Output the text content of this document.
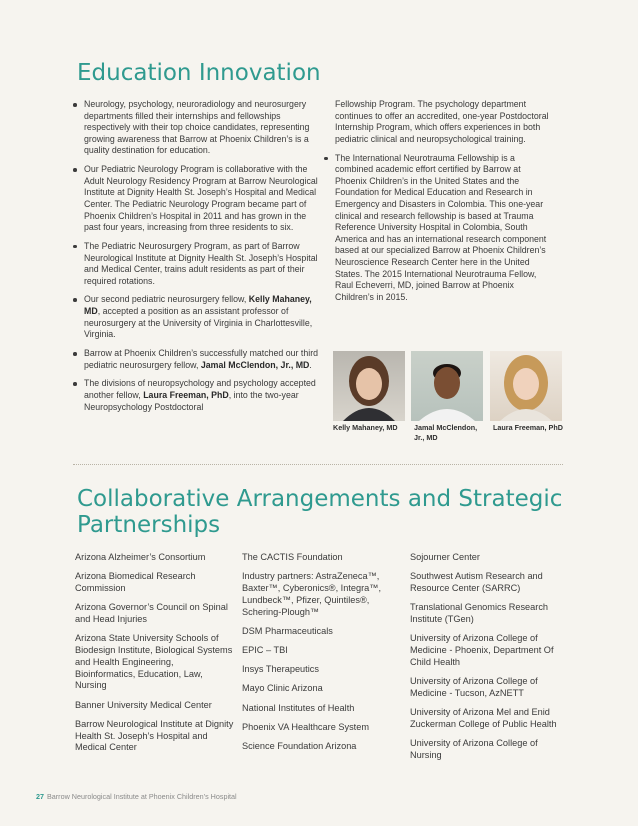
Education Innovation
Neurology, psychology, neuroradiology and neurosurgery departments filled their internships and fellowships respectively with their top choice candidates, representing growing awareness that Barrow at Phoenix Children’s is a quality destination for education.
Our Pediatric Neurology Program is collaborative with the Adult Neurology Residency Program at Barrow Neurological Institute at Dignity Health St. Joseph’s Hospital and Medical Center. The Pediatric Neurology Program became part of Phoenix Children’s Hospital in 2011 and has grown in the past four years, increasing from three residents to six.
The Pediatric Neurosurgery Program, as part of Barrow Neurological Institute at Dignity Health St. Joseph’s Hospital and Medical Center, trains adult residents as part of their required rotations.
Our second pediatric neurosurgery fellow, Kelly Mahaney, MD, accepted a position as an assistant professor of neurosurgery at the University of Virginia in Charlottesville, Virginia.
Barrow at Phoenix Children’s successfully matched our third pediatric neurosurgery fellow, Jamal McClendon, Jr., MD.
The divisions of neuropsychology and psychology accepted another fellow, Laura Freeman, PhD, into the two-year Neuropsychology Postdoctoral
Fellowship Program. The psychology department continues to offer an accredited, one-year Postdoctoral Internship Program, which offers experiences in both pediatric clinical and neuropsychological training.
The International Neurotrauma Fellowship is a combined academic effort certified by Barrow at Phoenix Children’s in the United States and the Foundation for Medical Education and Research in Emergency and Disasters in Colombia. This one-year clinical and research fellowship is based at Trauma Reference University Hospital in Colombia, South America and has an international research component based at our specialized Barrow at Phoenix Children’s Neuroscience Research Center here in the United States. The 2015 International Neurotrauma Fellow, Raul Echeverri, MD, joined Barrow at Phoenix Children’s in 2015.
Kelly Mahaney, MD	Jamal McClendon, Jr., MD
Laura Freeman, PhD
Collaborative Arrangements and Strategic Partnerships
Arizona Alzheimer’s Consortium
Arizona Biomedical Research Commission
Arizona Governor’s Council on Spinal and Head Injuries
Arizona State University Schools of Biodesign Institute, Biological Systems and Health Engineering, Bioinformatics, Education, Law, Nursing
Banner University Medical Center
Barrow Neurological Institute at Dignity Health St. Joseph’s Hospital and Medical Center
The CACTIS Foundation
Industry partners: AstraZeneca™, Baxter™, Cyberonics®, Integra™, Lundbeck™, Pfizer, Quintiles®, Schering-Plough™
DSM Pharmaceuticals
EPIC – TBI
Insys Therapeutics
Mayo Clinic Arizona
National Institutes of Health
Phoenix VA Healthcare System
Science Foundation Arizona
Sojourner Center
Southwest Autism Research and Resource Center (SARRC)
Translational Genomics Research Institute (TGen)
University of Arizona College of Medicine - Phoenix, Department Of Child Health
University of Arizona College of Medicine - Tucson, AzNETT
University of Arizona Mel and Enid Zuckerman College of Public Health
University of Arizona College of Nursing
27 Barrow Neurological Institute at Phoenix Children’s Hospital
